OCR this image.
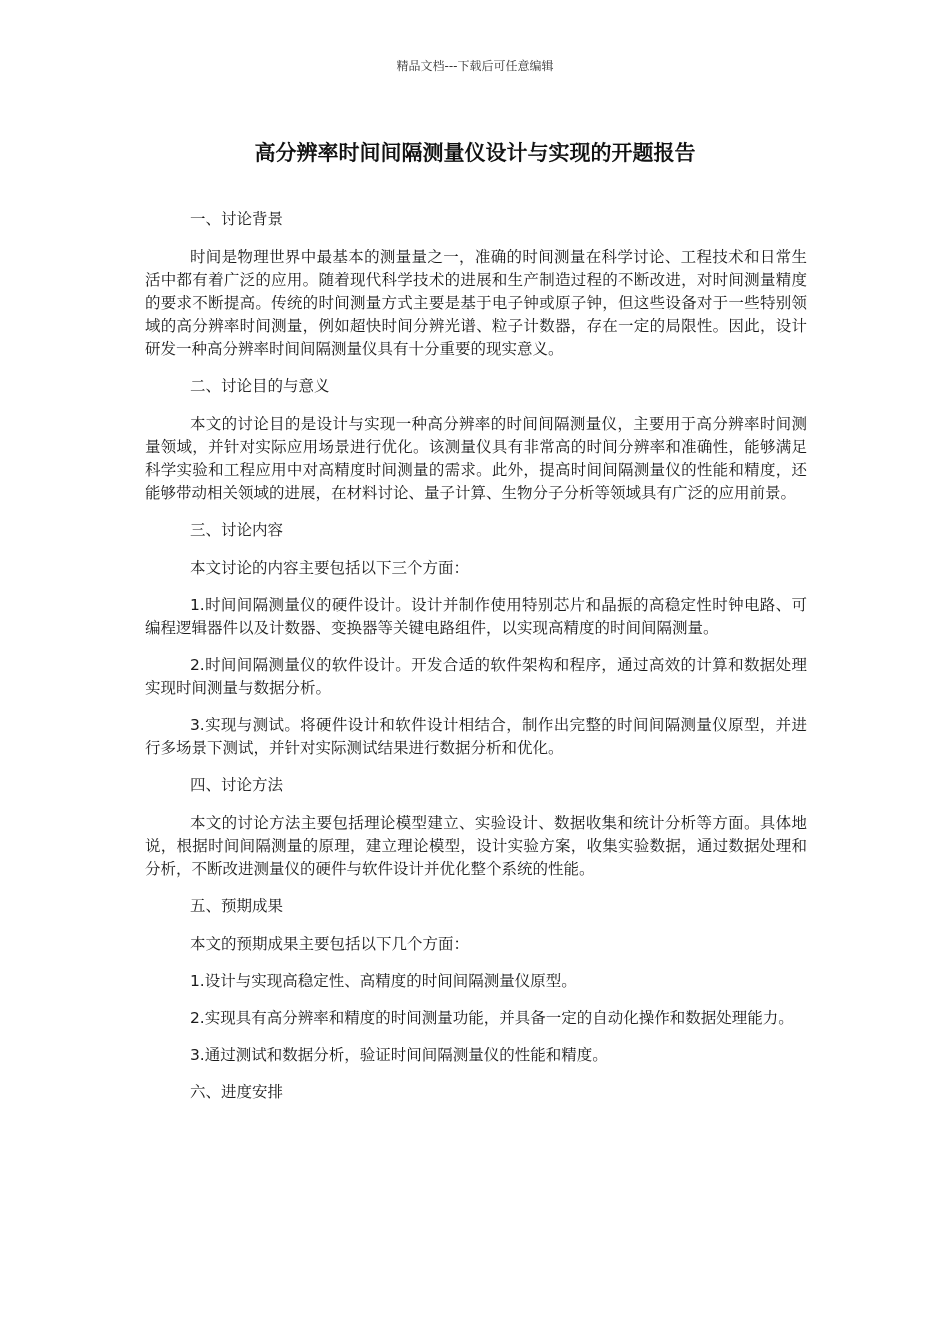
精品文档---下载后可任意编辑
高分辨率时间间隔测量仪设计与实现的开题报告

一、讨论背景

时间是物理世界中最基本的测量量之一，准确的时间测量在科学讨论、工程技术和日常生活中都有着广泛的应用。随着现代科学技术的进展和生产制造过程的不断改进，对时间测量精度的要求不断提高。传统的时间测量方式主要是基于电子钟或原子钟，但这些设备对于一些特别领域的高分辨率时间测量，例如超快时间分辨光谱、粒子计数器，存在一定的局限性。因此，设计研发一种高分辨率时间间隔测量仪具有十分重要的现实意义。

二、讨论目的与意义

本文的讨论目的是设计与实现一种高分辨率的时间间隔测量仪，主要用于高分辨率时间测量领域，并针对实际应用场景进行优化。该测量仪具有非常高的时间分辨率和准确性，能够满足科学实验和工程应用中对高精度时间测量的需求。此外，提高时间间隔测量仪的性能和精度，还能够带动相关领域的进展，在材料讨论、量子计算、生物分子分析等领域具有广泛的应用前景。

三、讨论内容

本文讨论的内容主要包括以下三个方面：

1.时间间隔测量仪的硬件设计。设计并制作使用特别芯片和晶振的高稳定性时钟电路、可编程逻辑器件以及计数器、变换器等关键电路组件，以实现高精度的时间间隔测量。

2.时间间隔测量仪的软件设计。开发合适的软件架构和程序，通过高效的计算和数据处理实现时间测量与数据分析。

3.实现与测试。将硬件设计和软件设计相结合，制作出完整的时间间隔测量仪原型，并进行多场景下测试，并针对实际测试结果进行数据分析和优化。

四、讨论方法

本文的讨论方法主要包括理论模型建立、实验设计、数据收集和统计分析等方面。具体地说，根据时间间隔测量的原理，建立理论模型，设计实验方案，收集实验数据，通过数据处理和分析，不断改进测量仪的硬件与软件设计并优化整个系统的性能。

五、预期成果

本文的预期成果主要包括以下几个方面：

1.设计与实现高稳定性、高精度的时间间隔测量仪原型。

2.实现具有高分辨率和精度的时间测量功能，并具备一定的自动化操作和数据处理能力。

3.通过测试和数据分析，验证时间间隔测量仪的性能和精度。

六、进度安排
